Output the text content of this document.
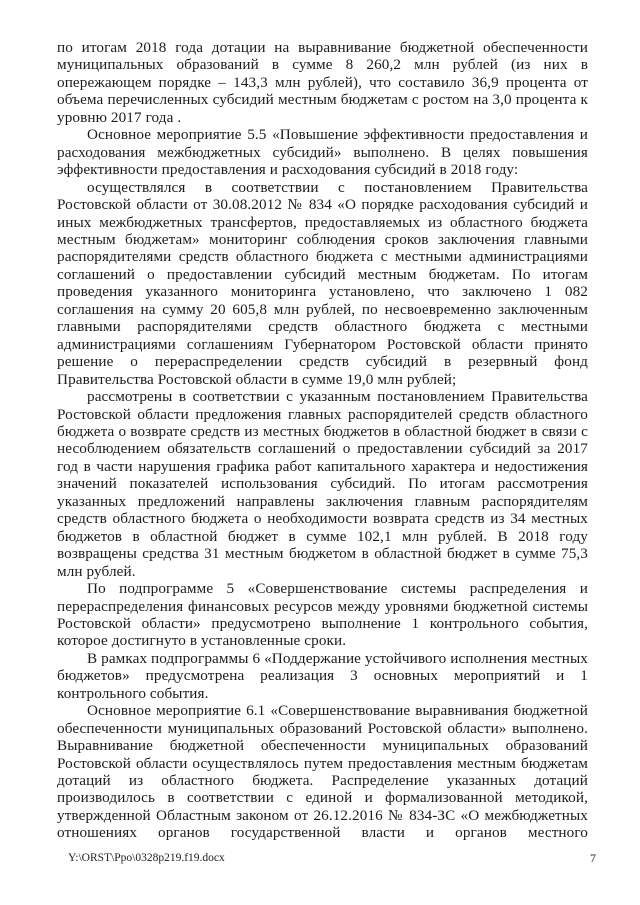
по итогам 2018 года дотации на выравнивание бюджетной обеспеченности муниципальных образований в сумме 8 260,2 млн рублей (из них в опережающем порядке – 143,3 млн рублей), что составило 36,9 процента от объема перечисленных субсидий местным бюджетам с ростом на 3,0 процента к уровню 2017 года .

Основное мероприятие 5.5 «Повышение эффективности предоставления и расходования межбюджетных субсидий» выполнено. В целях повышения эффективности предоставления и расходования субсидий в 2018 году:

осуществлялся в соответствии с постановлением Правительства Ростовской области от 30.08.2012 № 834 «О порядке расходования субсидий и иных межбюджетных трансфертов, предоставляемых из областного бюджета местным бюджетам» мониторинг соблюдения сроков заключения главными распорядителями средств областного бюджета с местными администрациями соглашений о предоставлении субсидий местным бюджетам. По итогам проведения указанного мониторинга установлено, что заключено 1 082 соглашения на сумму 20 605,8 млн рублей, по несвоевременно заключенным главными распорядителями средств областного бюджета с местными администрациями соглашениям Губернатором Ростовской области принято решение о перераспределении средств субсидий в резервный фонд Правительства Ростовской области в сумме 19,0 млн рублей;

рассмотрены в соответствии с указанным постановлением Правительства Ростовской области предложения главных распорядителей средств областного бюджета о возврате средств из местных бюджетов в областной бюджет в связи с несоблюдением обязательств соглашений о предоставлении субсидий за 2017 год в части нарушения графика работ капитального характера и недостижения значений показателей использования субсидий. По итогам рассмотрения указанных предложений направлены заключения главным распорядителям средств областного бюджета о необходимости возврата средств из 34 местных бюджетов в областной бюджет в сумме 102,1 млн рублей. В 2018 году возвращены средства 31 местным бюджетом в областной бюджет в сумме 75,3 млн рублей.

По подпрограмме 5 «Совершенствование системы распределения и перераспределения финансовых ресурсов между уровнями бюджетной системы Ростовской области» предусмотрено выполнение 1 контрольного события, которое достигнуто в установленные сроки.

В рамках подпрограммы 6 «Поддержание устойчивого исполнения местных бюджетов» предусмотрена реализация 3 основных мероприятий и 1 контрольного события.

Основное мероприятие 6.1 «Совершенствование выравнивания бюджетной обеспеченности муниципальных образований Ростовской области» выполнено. Выравнивание бюджетной обеспеченности муниципальных образований Ростовской области осуществлялось путем предоставления местным бюджетам дотаций из областного бюджета. Распределение указанных дотаций производилось в соответствии с единой и формализованной методикой, утвержденной Областным законом от 26.12.2016 № 834-ЗС «О межбюджетных отношениях органов государственной власти и органов местного

Y:\ORST\Ppo\0328p219.f19.docx	7
